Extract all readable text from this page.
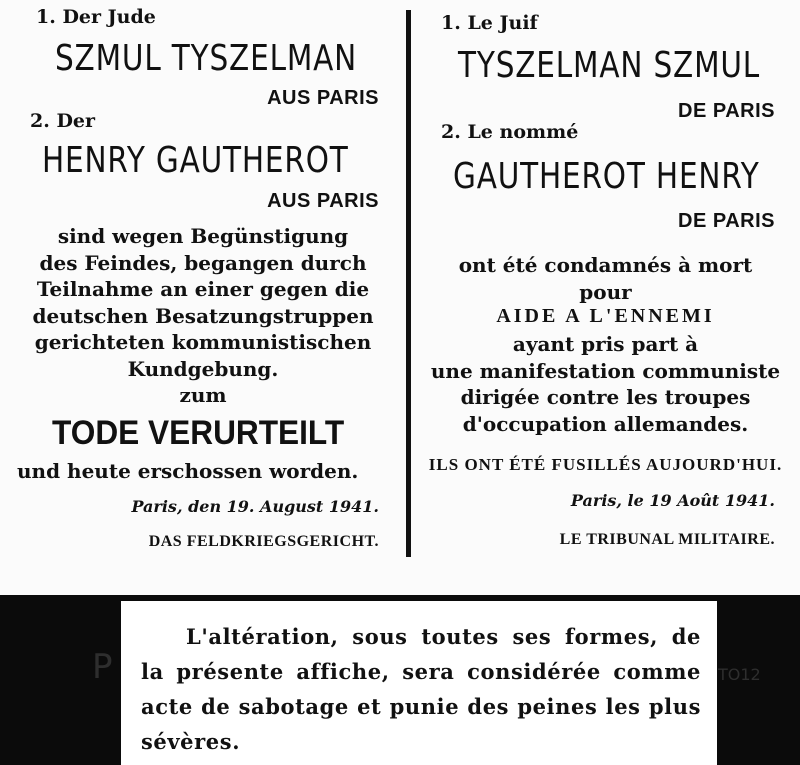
1. Der Jude
SZMUL TYSZELMAN
AUS PARIS
2. Der
HENRY GAUTHEROT
AUS PARIS
sind wegen Begünstigung
des Feindes, begangen durch
Teilnahme an einer gegen die
deutschen Besatzungstruppen
gerichteten kommunistischen
Kundgebung.
zum
TODE VERURTEILT
und heute erschossen worden.
Paris, den 19. August 1941.
DAS FELDKRIEGSGERICHT.
1. Le Juif
TYSZELMAN SZMUL
DE PARIS
2. Le nommé
GAUTHEROT HENRY
DE PARIS
ont été condamnés à mort
pour
AIDE A L'ENNEMI
ayant pris part à
une manifestation communiste
dirigée contre les troupes
d'occupation allemandes.
ILS ONT ÉTÉ FUSILLÉS AUJOURD'HUI.
Paris, le 19 Août 1941.
LE TRIBUNAL MILITAIRE.
P	TO12
L'altération, sous toutes ses formes, de la présente affiche, sera considérée comme acte de sabotage et punie des peines les plus sévères.
